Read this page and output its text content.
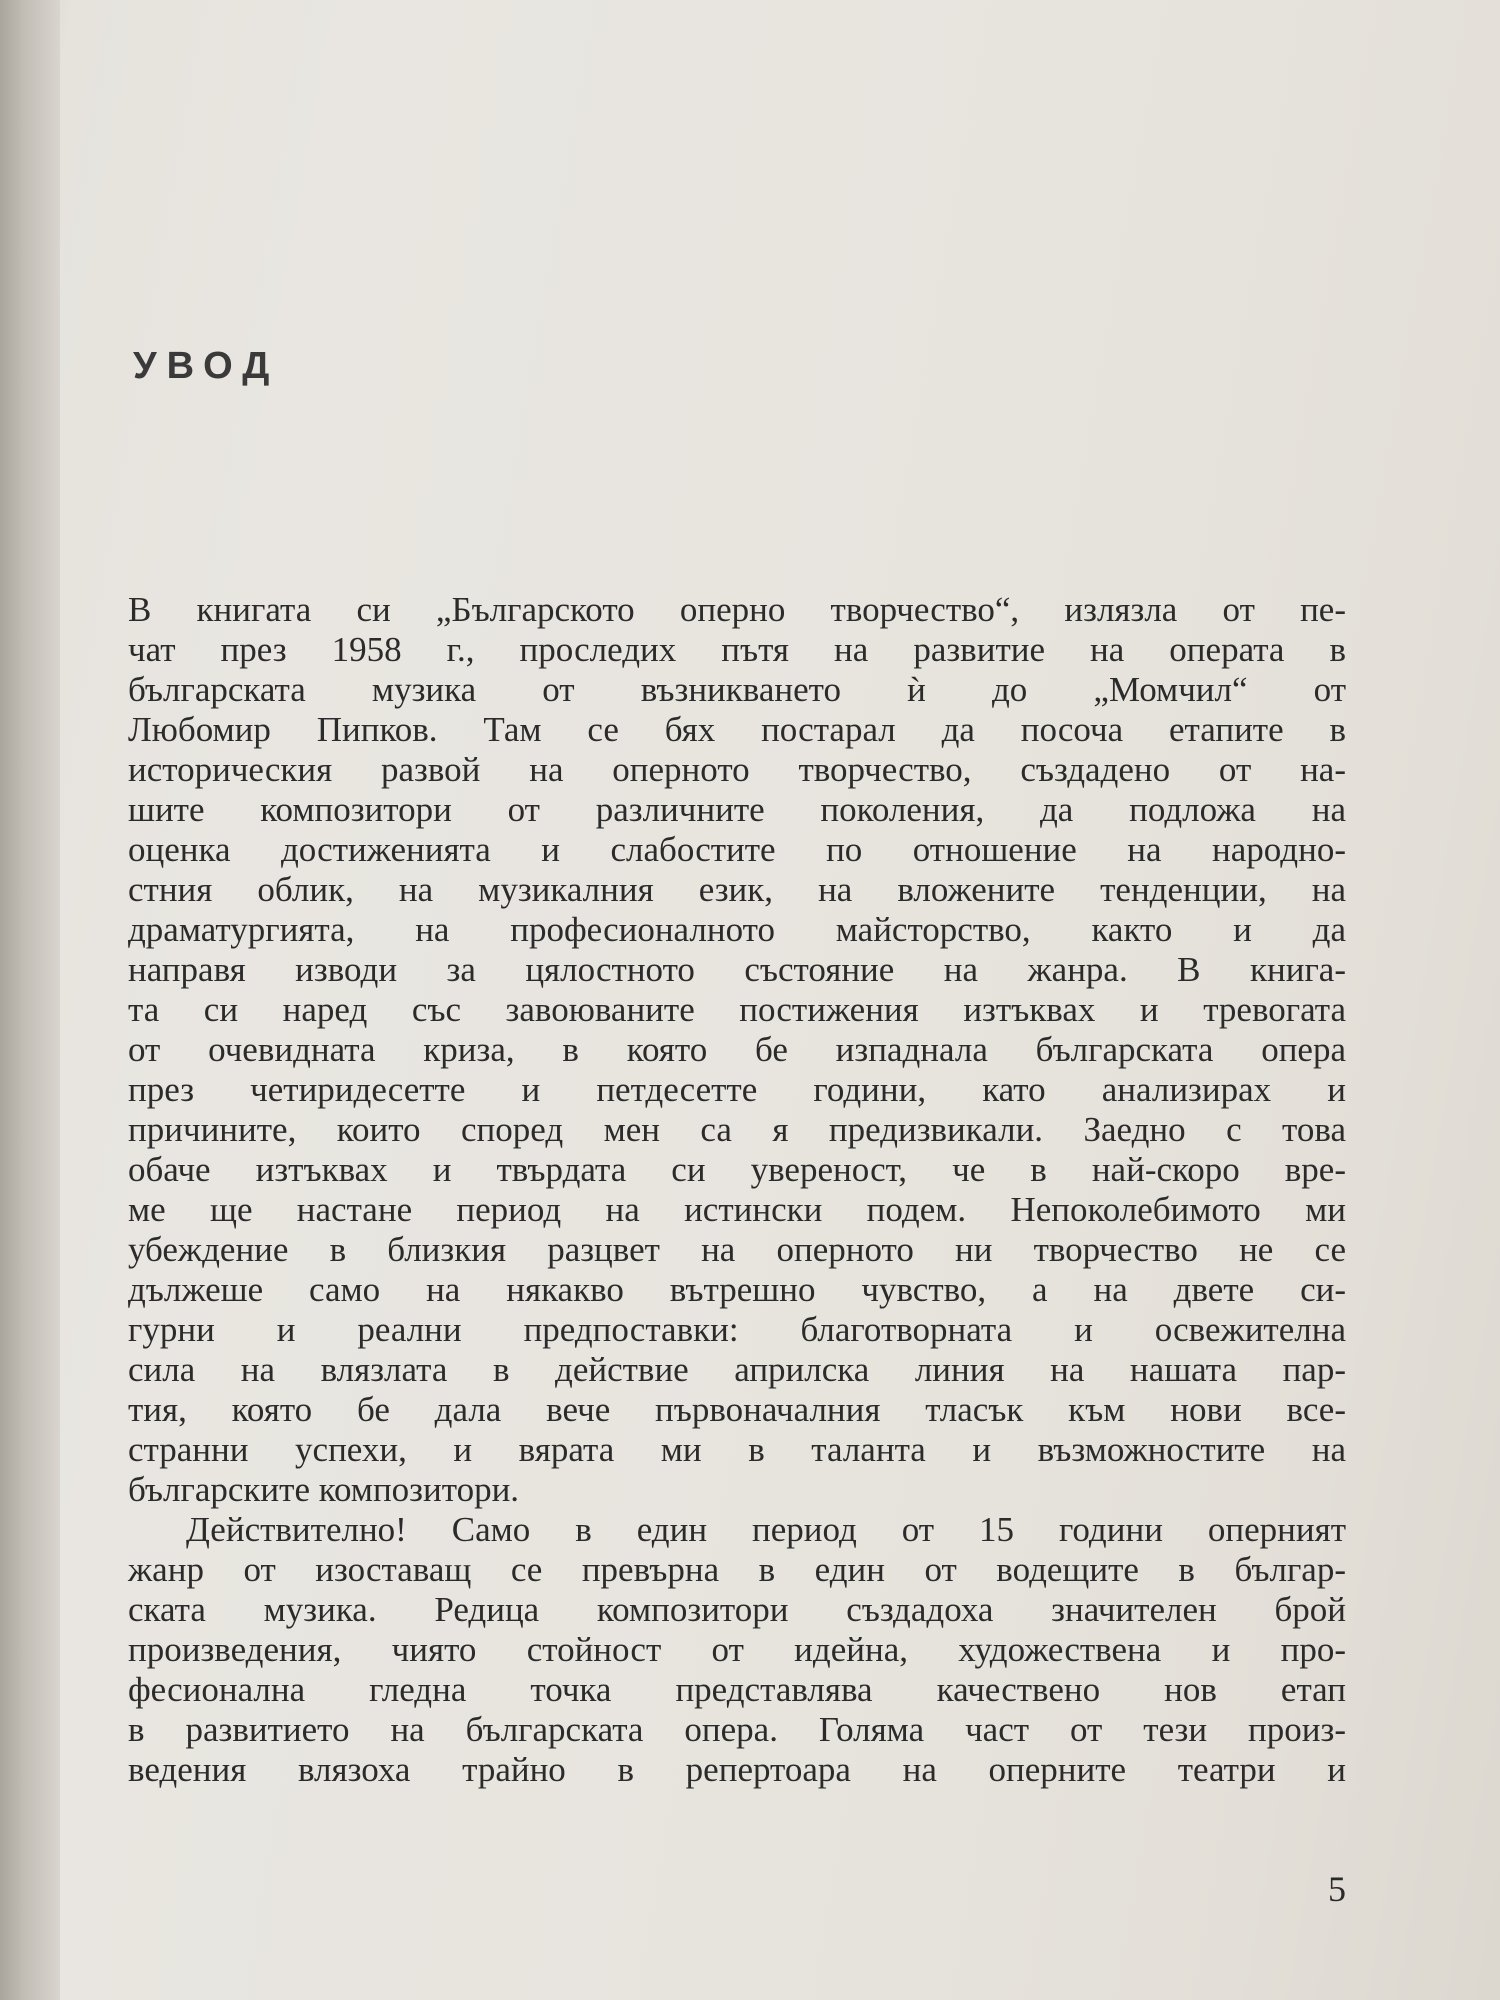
УВОД
В книгата си „Българското оперно творчество“, излязла от пе-
чат през 1958 г., проследих пътя на развитие на операта в
българската музика от възникването ѝ до „Момчил“ от
Любомир Пипков. Там се бях постарал да посоча етапите в
историческия развой на оперното творчество, създадено от на-
шите композитори от различните поколения, да подложа на
оценка достиженията и слабостите по отношение на народно-
стния облик, на музикалния език, на вложените тенденции, на
драматургията, на професионалното майсторство, както и да
направя изводи за цялостното състояние на жанра. В книга-
та си наред със завоюваните постижения изтъквах и тревогата
от очевидната криза, в която бе изпаднала българската опера
през четиридесетте и петдесетте години, като анализирах и
причините, които според мен са я предизвикали. Заедно с това
обаче изтъквах и твърдата си увереност, че в най-скоро вре-
ме ще настане период на истински подем. Непоколебимото ми
убеждение в близкия разцвет на оперното ни творчество не се
дължеше само на някакво вътрешно чувство, а на двете си-
гурни и реални предпоставки: благотворната и освежителна
сила на влязлата в действие априлска линия на нашата пар-
тия, която бе дала вече първоначалния тласък към нови все-
странни успехи, и вярата ми в таланта и възможностите на
българските композитори.
Действително! Само в един период от 15 години оперният
жанр от изоставащ се превърна в един от водещите в българ-
ската музика. Редица композитори създадоха значителен брой
произведения, чиято стойност от идейна, художествена и про-
фесионална гледна точка представлява качествено нов етап
в развитието на българската опера. Голяма част от тези произ-
ведения влязоха трайно в репертоара на оперните театри и
5
